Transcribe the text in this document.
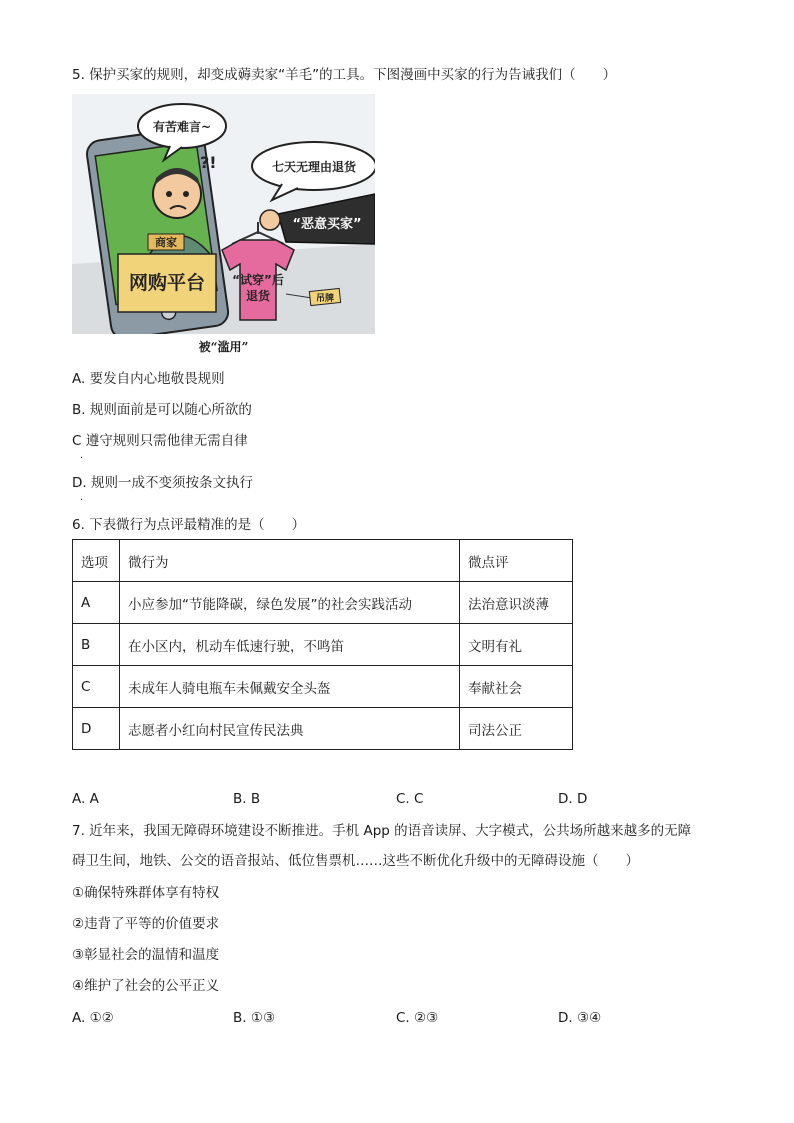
5. 保护买家的规则，却变成薅卖家“羊毛”的工具。下图漫画中买家的行为告诫我们（　　）
?!
商家
网购平台
有苦难言~
七天无理由退货
“恶意买家”
“试穿”后
退货	吊牌
被“滥用”
A. 要发自内心地敬畏规则
B. 规则面前是可以随心所欲的
C 遵守规则只需他律无需自律
.
D. 规则一成不变须按条文执行
.
6. 下表微行为点评最精准的是（　　）
选项	微行为	微点评
A	小应参加“节能降碳，绿色发展”的社会实践活动	法治意识淡薄
B	在小区内，机动车低速行驶，不鸣笛	文明有礼
C	未成年人骑电瓶车未佩戴安全头盔	奉献社会
D	志愿者小红向村民宣传民法典	司法公正
A. A	B. B	C. C	D. D
7. 近年来，我国无障碍环境建设不断推进。手机 App 的语音读屏、大字模式，公共场所越来越多的无障
碍卫生间，地铁、公交的语音报站、低位售票机……这些不断优化升级中的无障碍设施（　　）
①确保特殊群体享有特权
②违背了平等的价值要求
③彰显社会的温情和温度
④维护了社会的公平正义
A. ①②	B. ①③	C. ②③	D. ③④
